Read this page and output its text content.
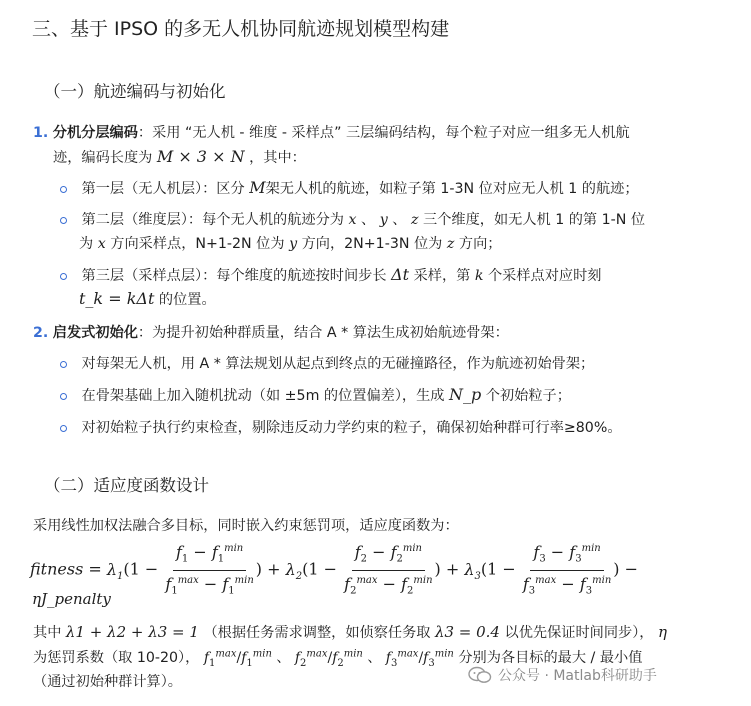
三、基于 IPSO 的多无人机协同航迹规划模型构建
（一）航迹编码与初始化
1. 分机分层编码：采用 “无人机 - 维度 - 采样点” 三层编码结构，每个粒子对应一组多无人机航
迹，编码长度为 M × 3 × N ，其中：
第一层（无人机层）：区分 M架无人机的航迹，如粒子第 1-3N 位对应无人机 1 的航迹；
第二层（维度层）：每个无人机的航迹分为 x 、 y 、 z 三个维度，如无人机 1 的第 1-N 位
为 x 方向采样点，N+1-2N 位为 y 方向，2N+1-3N 位为 z 方向；
第三层（采样点层）：每个维度的航迹按时间步长 Δt 采样，第 k 个采样点对应时刻
t_k = kΔt 的位置。
2. 启发式初始化：为提升初始种群质量，结合 A * 算法生成初始航迹骨架：
对每架无人机，用 A * 算法规划从起点到终点的无碰撞路径，作为航迹初始骨架；
在骨架基础上加入随机扰动（如 ±5m 的位置偏差），生成 N_p 个初始粒子；
对初始粒子执行约束检查，剔除违反动力学约束的粒子，确保初始种群可行率≥80%。
（二）适应度函数设计
采用线性加权法融合多目标，同时嵌入约束惩罚项，适应度函数为：
fitness = $\lambda_1(1 - \frac{f_1 - f_1^{min}}{f_1^{max} - f_1^{min}}$ ) + $\lambda_2(1 - \frac{f_2 - f_2^{min}}{f_2^{max} - f_2^{min}}$ ) + $\lambda_3(1 - \frac{f_3 - f_3^{min}}{f_3^{max} - f_3^{min}}$ ) −
ηJ_penalty
其中 λ1 + λ2 + λ3 = 1 （根据任务需求调整，如侦察任务取 λ3 = 0.4 以优先保证时间同步）， η
为惩罚系数（取 10-20）， $f_1^{max}/f_1^{min}$ 、 $f_2^{max}/f_2^{min}$ 、 $f_3^{max}/f_3^{min}$ 分别为各目标的最大 / 最小值
（通过初始种群计算）。	公众号 · Matlab科研助手
